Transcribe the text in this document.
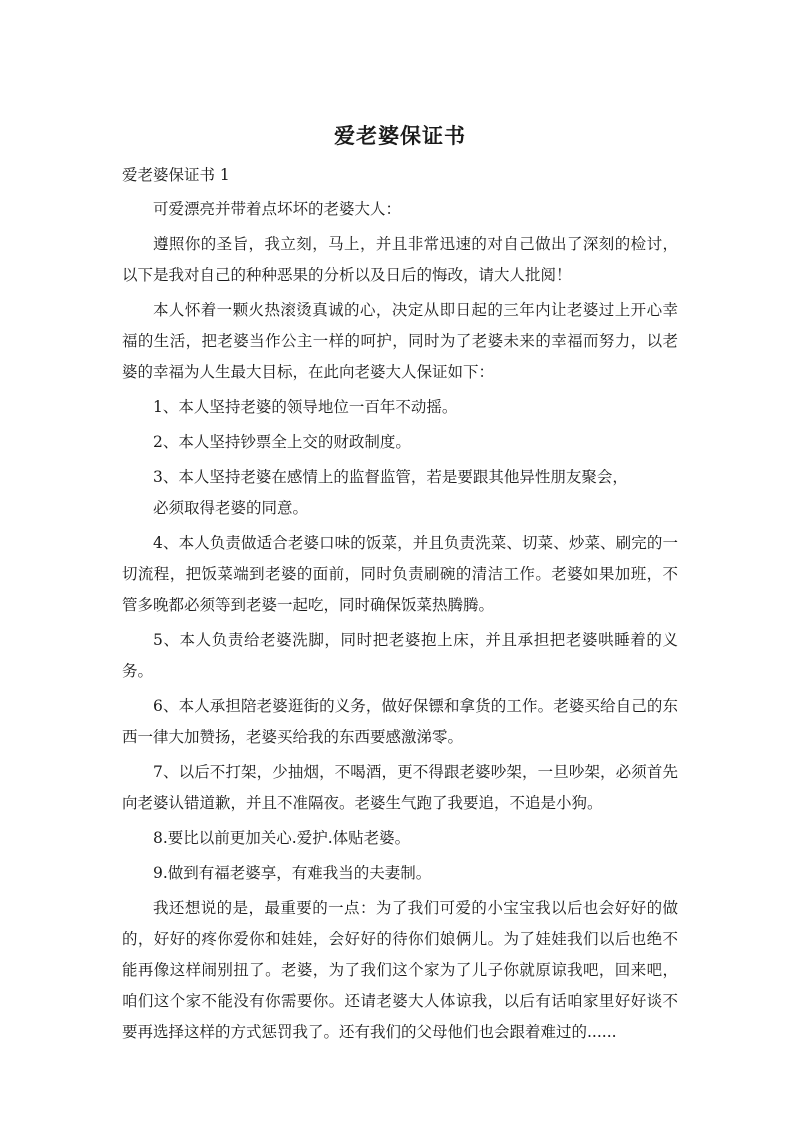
爱老婆保证书
爱老婆保证书 1

可爱漂亮并带着点坏坏的老婆大人：

遵照你的圣旨，我立刻，马上，并且非常迅速的对自己做出了深刻的检讨，以下是我对自己的种种恶果的分析以及日后的悔改，请大人批阅！

本人怀着一颗火热滚烫真诚的心，决定从即日起的三年内让老婆过上开心幸福的生活，把老婆当作公主一样的呵护，同时为了老婆未来的幸福而努力，以老婆的幸福为人生最大目标，在此向老婆大人保证如下：

1、本人坚持老婆的领导地位一百年不动摇。

2、本人坚持钞票全上交的财政制度。

3、本人坚持老婆在感情上的监督监管，若是要跟其他异性朋友聚会，

必须取得老婆的同意。

4、本人负责做适合老婆口味的饭菜，并且负责洗菜、切菜、炒菜、刷完的一切流程，把饭菜端到老婆的面前，同时负责刷碗的清洁工作。老婆如果加班，不管多晚都必须等到老婆一起吃，同时确保饭菜热腾腾。

5、本人负责给老婆洗脚，同时把老婆抱上床，并且承担把老婆哄睡着的义务。

6、本人承担陪老婆逛街的义务，做好保镖和拿货的工作。老婆买给自己的东西一律大加赞扬，老婆买给我的东西要感激涕零。

7、以后不打架，少抽烟，不喝酒，更不得跟老婆吵架，一旦吵架，必须首先向老婆认错道歉，并且不准隔夜。老婆生气跑了我要追，不追是小狗。

8.要比以前更加关心.爱护.体贴老婆。

9.做到有福老婆享，有难我当的夫妻制。

我还想说的是，最重要的一点：为了我们可爱的小宝宝我以后也会好好的做的，好好的疼你爱你和娃娃，会好好的待你们娘俩儿。为了娃娃我们以后也绝不能再像这样闹别扭了。老婆，为了我们这个家为了儿子你就原谅我吧，回来吧，咱们这个家不能没有你需要你。还请老婆大人体谅我，以后有话咱家里好好谈不要再选择这样的方式惩罚我了。还有我们的父母他们也会跟着难过的......
